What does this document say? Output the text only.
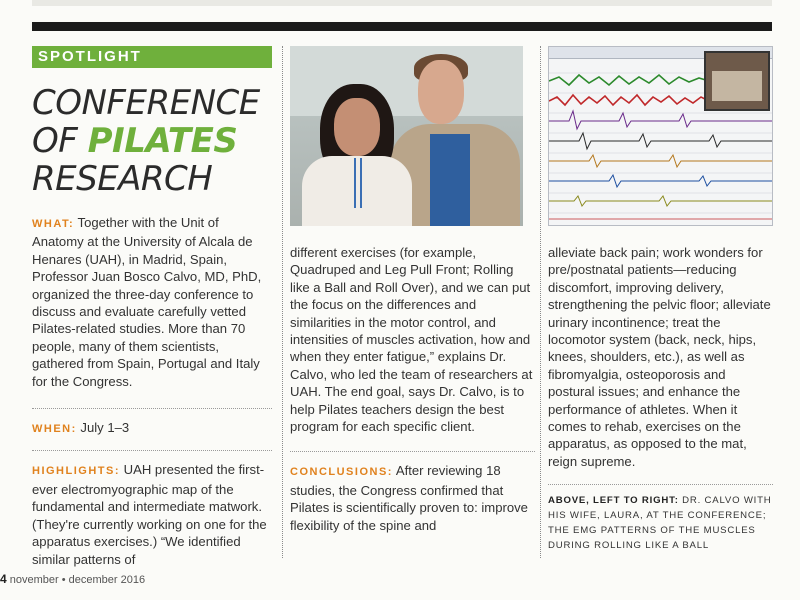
SPOTLIGHT
CONFERENCE
OF PILATES
RESEARCH

WHAT: Together with the Unit of Anatomy at the University of Alcala de Henares (UAH), in Madrid, Spain, Professor Juan Bosco Calvo, MD, PhD, organized the three-day conference to discuss and evaluate carefully vetted Pilates-related studies. More than 70 people, many of them scientists, gathered from Spain, Portugal and Italy for the Congress.

WHEN: July 1–3

HIGHLIGHTS: UAH presented the first-ever electromyographic map of the fundamental and intermediate matwork. (They're currently working on one for the apparatus exercises.) “We identified similar patterns of

different exercises (for example, Quadruped and Leg Pull Front; Rolling like a Ball and Roll Over), and we can put the focus on the differences and similarities in the motor control, and intensities of muscles activation, how and when they enter fatigue,” explains Dr. Calvo, who led the team of researchers at UAH. The end goal, says Dr. Calvo, is to help Pilates teachers design the best program for each specific client.

CONCLUSIONS: After reviewing 18 studies, the Congress confirmed that Pilates is scientifically proven to: improve flexibility of the spine and

alleviate back pain; work wonders for pre/postnatal patients—reducing discomfort, improving delivery, strengthening the pelvic floor; alleviate urinary incontinence; treat the locomotor system (back, neck, hips, knees, shoulders, etc.), as well as fibromyalgia, osteoporosis and postural issues; and enhance the performance of athletes. When it comes to rehab, exercises on the apparatus, as opposed to the mat, reign supreme.

ABOVE, LEFT TO RIGHT: DR. CALVO WITH HIS WIFE, LAURA, AT THE CONFERENCE; THE EMG PATTERNS OF THE MUSCLES DURING ROLLING LIKE A BALL

4 november • december 2016
